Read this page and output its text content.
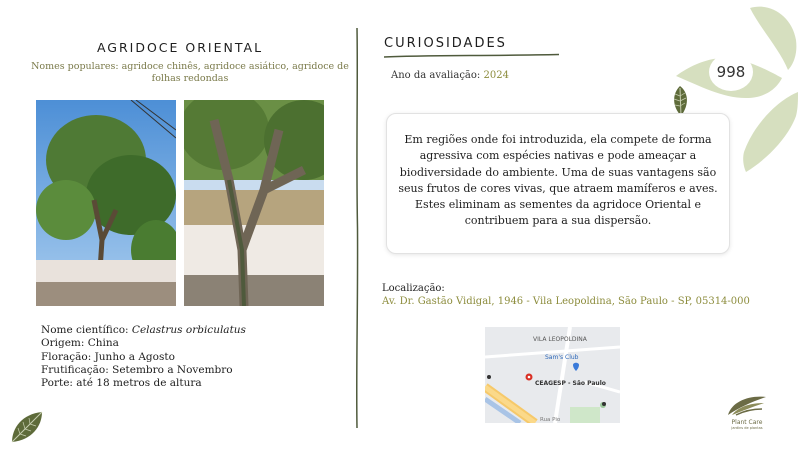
AGRIDOCE ORIENTAL
Nomes populares: agridoce chinês, agridoce asiático, agridoce de folhas redondas
Nome científico: Celastrus orbiculatus
Origem: China
Floração: Junho a Agosto
Frutificação: Setembro a Novembro
Porte: até 18 metros de altura
CURIOSIDADES
Ano da avaliação: 2024
Em regiões onde foi introduzida, ela compete de forma agressiva com espécies nativas e pode ameaçar a biodiversidade do ambiente. Uma de suas vantagens são seus frutos de cores vivas, que atraem mamíferos e aves. Estes eliminam as sementes da agridoce Oriental e contribuem para a sua dispersão.
Localização:
Av. Dr. Gastão Vidigal, 1946 - Vila Leopoldina, São Paulo - SP, 05314-000
VILA LEOPOLDINA
Sam's Club
CEAGESP - São Paulo
Rua Pio
998
Plant Care
jardins de plantas
